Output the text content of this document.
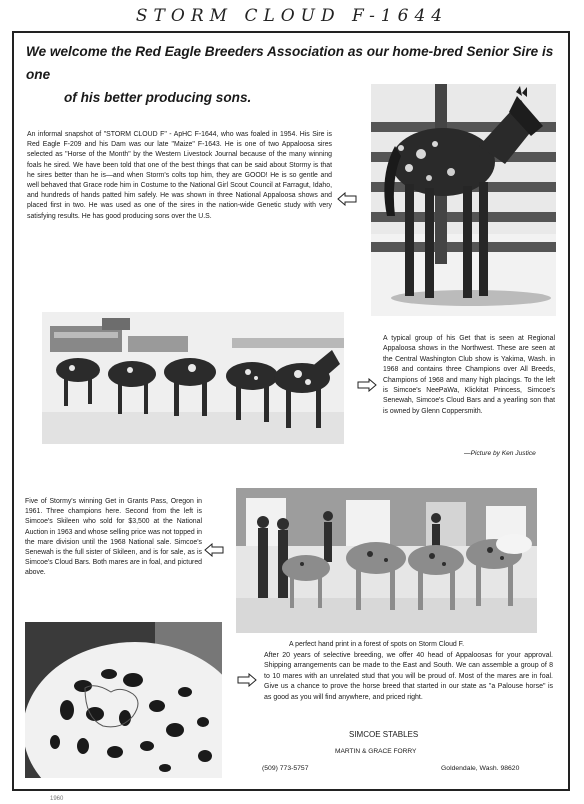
STORM CLOUD F-1644
We welcome the Red Eagle Breeders Association as our home-bred Senior Sire is one
of his better producing sons.
An informal snapshot of "STORM CLOUD F" - ApHC F-1644, who was foaled in 1954. His Sire is Red Eagle F-209 and his Dam was our late "Maize" F-1643. He is one of two Appaloosa sires selected as "Horse of the Month" by the Western Livestock Journal because of the many winning foals he sired. We have been told that one of the best things that can be said about Stormy is that he sires better than he is—and when Storm's colts top him, they are GOOD! He is so gentle and well behaved that Grace rode him in Costume to the National Girl Scout Council at Farragut, Idaho, and hundreds of hands patted him safely. He was shown in three National Appaloosa shows and placed first in two. He was used as one of the sires in the nation-wide Genetic study with very satisfying results. He has good producing sons over the U.S.
A typical group of his Get that is seen at Regional Appaloosa shows in the Northwest. These are seen at the Central Washington Club show is Yakima, Wash. in 1968 and contains three Champions over All Breeds, Champions of 1968 and many high placings. To the left is Simcoe's NeePaWa, Klickitat Princess, Simcoe's Senewah, Simcoe's Cloud Bars and a yearling son that is owned by Glenn Coppersmith.
—Picture by Ken Justice
Five of Stormy's winning Get in Grants Pass, Oregon in 1961. Three champions here. Second from the left is Simcoe's Skileen who sold for $3,500 at the National Auction in 1963 and whose selling price was not topped in the mare division until the 1968 National sale. Simcoe's Senewah is the full sister of Skileen, and is for sale, as is Simcoe's Cloud Bars. Both mares are in foal, and pictured above.
A perfect hand print in a forest of spots on Storm Cloud F.
After 20 years of selective breeding, we offer 40 head of Appaloosas for your approval. Shipping arrangements can be made to the East and South. We can assemble a group of 8 to 10 mares with an unrelated stud that you will be proud of. Most of the mares are in foal. Give us a chance to prove the horse breed that started in our state as "a Palouse horse" is as good as you will find anywhere, and priced right.
SIMCOE STABLES
MARTIN & GRACE FORRY
(509) 773-5757	Goldendale, Wash. 98620
1960
